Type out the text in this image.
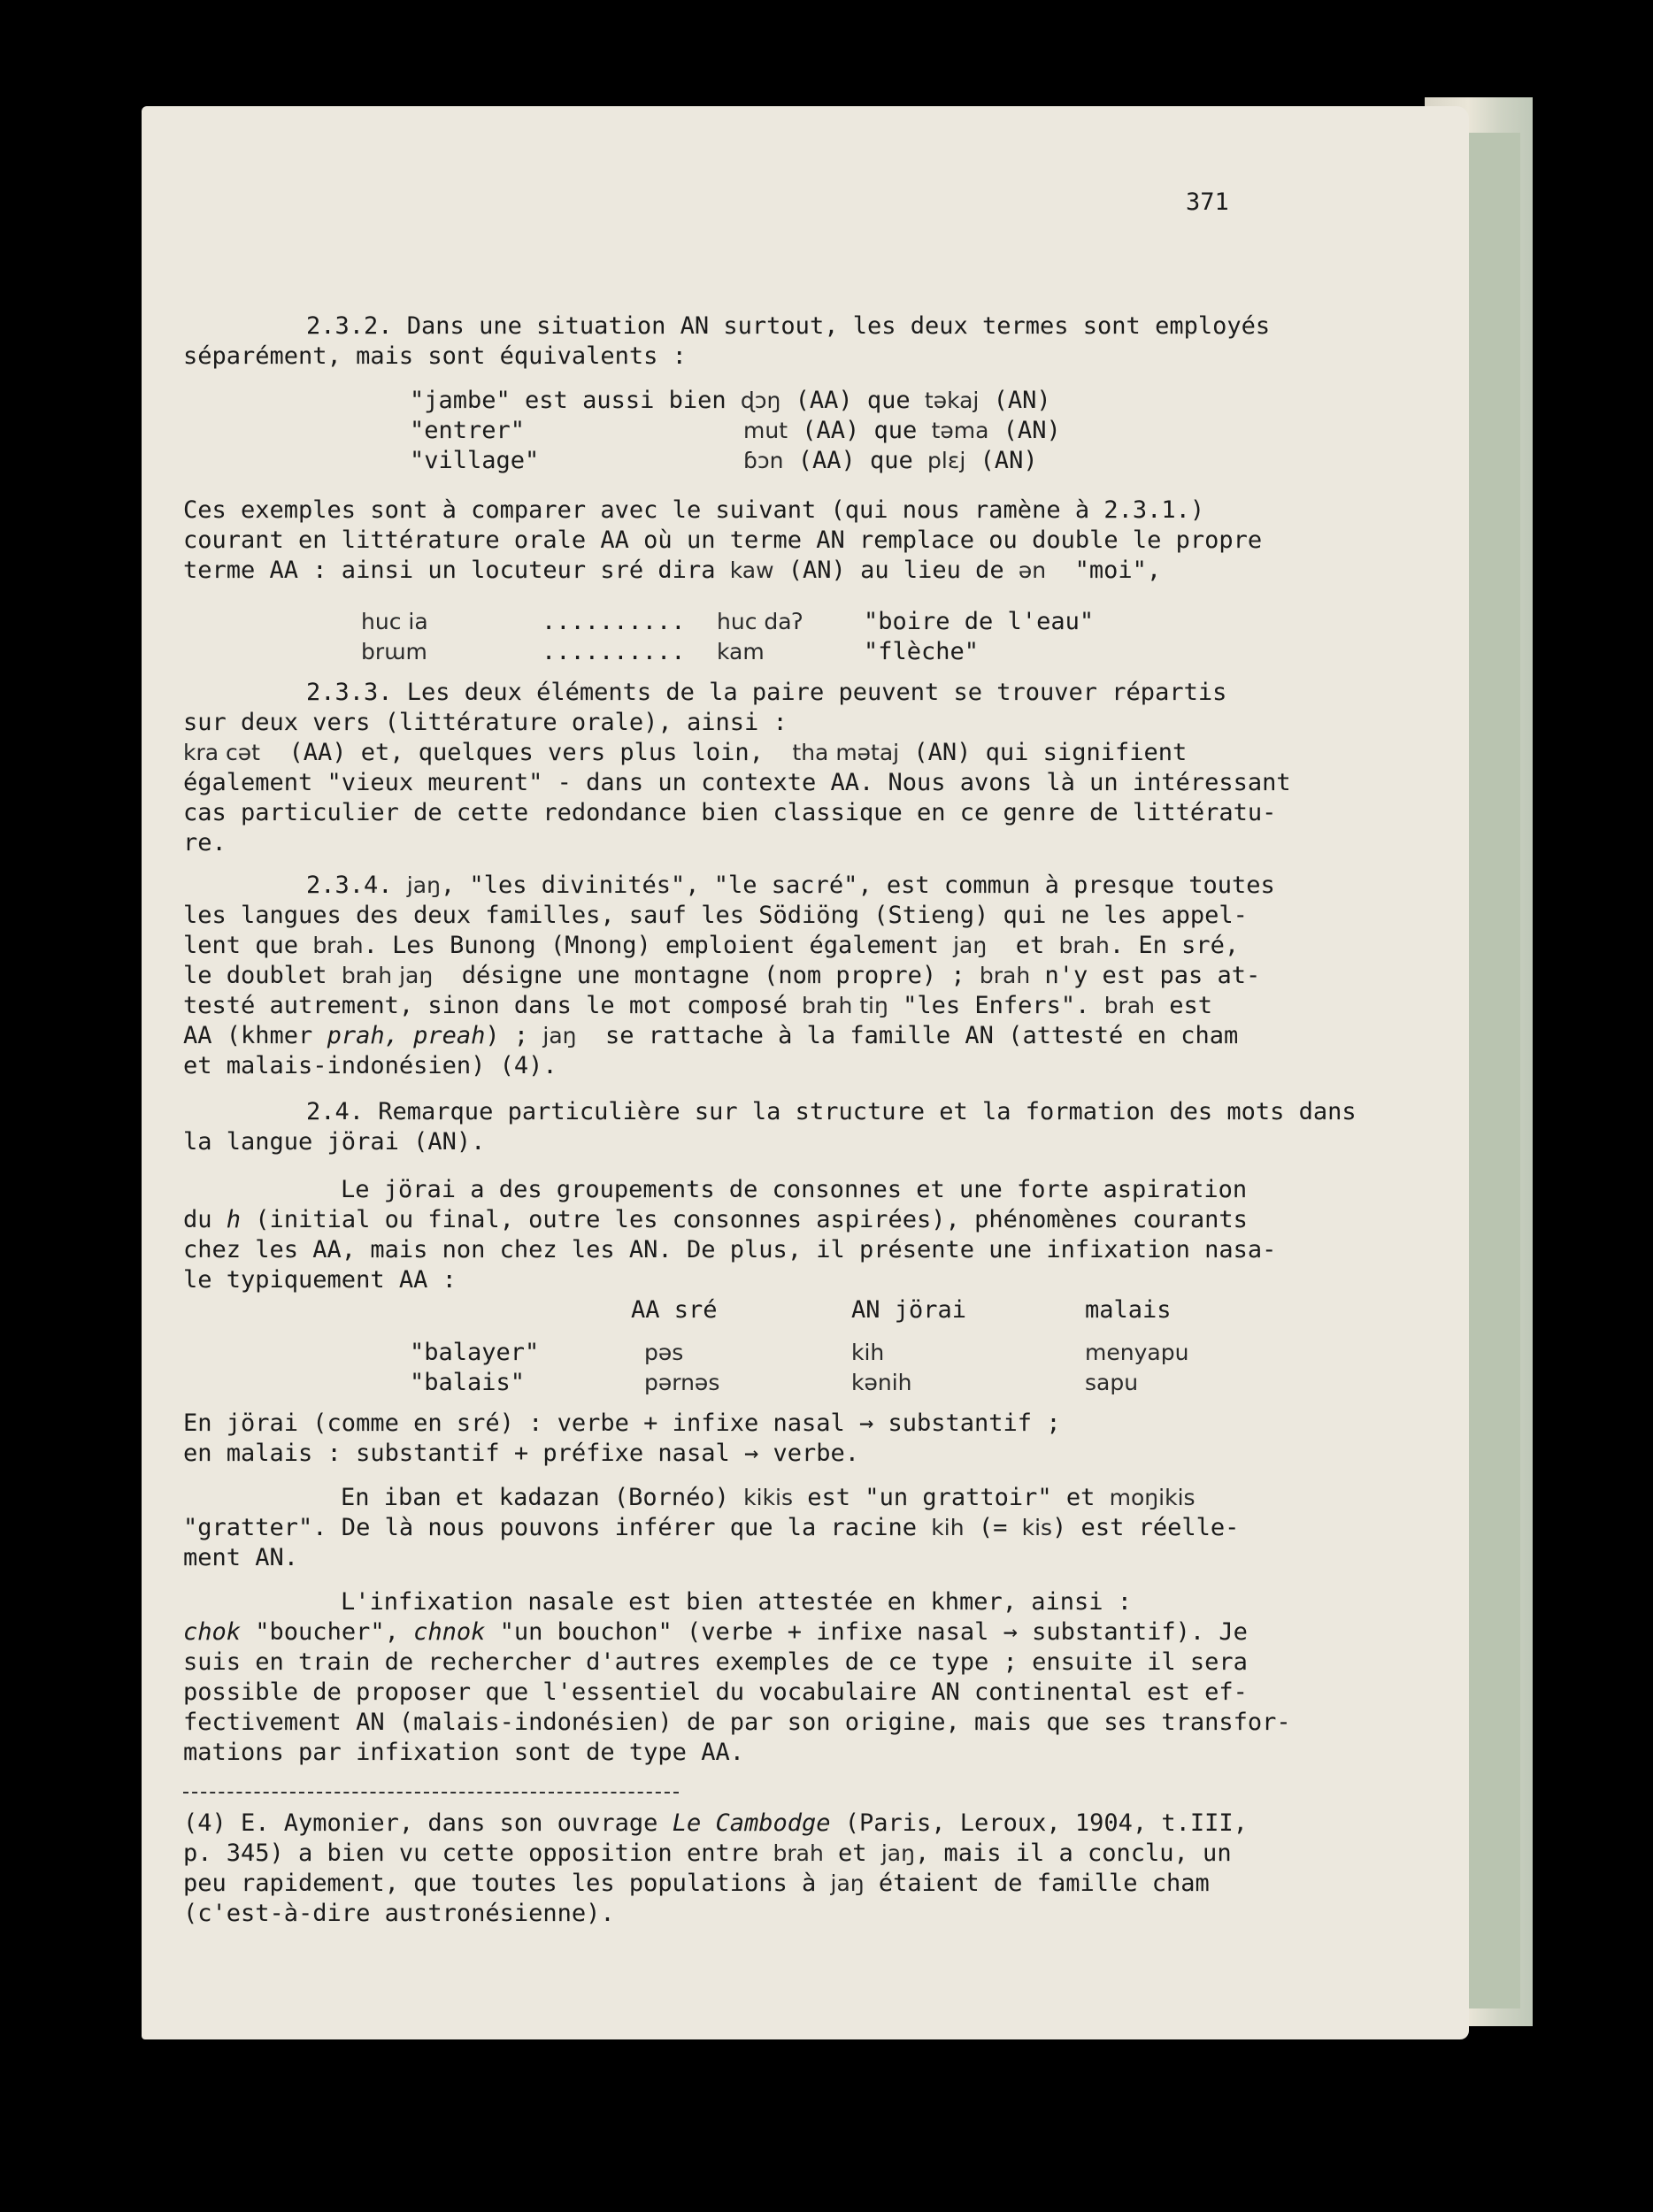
371
2.3.2. Dans une situation AN surtout, les deux termes sont employés
séparément, mais sont équivalents :
"jambe" est aussi bien ɖɔŋ (AA) que təkaj (AN)
"entrer"	mut (AA) que təma (AN)
"village"	ɓɔn (AA) que plɛj (AN)
Ces exemples sont à comparer avec le suivant (qui nous ramène à 2.3.1.)
courant en littérature orale AA où un terme AN remplace ou double le propre
terme AA : ainsi un locuteur sré dira kaw (AN) au lieu de ən  "moi",
huc ia	.......... huc daʔ	"boire de l'eau"
brɯm	.......... kam	"flèche"
2.3.3. Les deux éléments de la paire peuvent se trouver répartis
sur deux vers (littérature orale), ainsi :
kra cət  (AA) et, quelques vers plus loin,  tha mətaj (AN) qui signifient
également "vieux meurent" - dans un contexte AA. Nous avons là un intéressant
cas particulier de cette redondance bien classique en ce genre de littératu-
re.
2.3.4. jaŋ, "les divinités", "le sacré", est commun à presque toutes
les langues des deux familles, sauf les Södiöng (Stieng) qui ne les appel-
lent que brah. Les Bunong (Mnong) emploient également jaŋ  et brah. En sré,
le doublet brah jaŋ  désigne une montagne (nom propre) ; brah n'y est pas at-
testé autrement, sinon dans le mot composé brah tiŋ "les Enfers". brah est
AA (khmer prah, preah) ; jaŋ  se rattache à la famille AN (attesté en cham
et malais-indonésien) (4).
2.4. Remarque particulière sur la structure et la formation des mots dans
la langue jörai (AN).
Le jörai a des groupements de consonnes et une forte aspiration
du h (initial ou final, outre les consonnes aspirées), phénomènes courants
chez les AA, mais non chez les AN. De plus, il présente une infixation nasa-
le typiquement AA :
AA sré	AN jörai	malais
"balayer"	pəs	kih	menyapu
"balais"	pərnəs	kənih	sapu
En jörai (comme en sré) : verbe + infixe nasal → substantif ;
en malais : substantif + préfixe nasal → verbe.
En iban et kadazan (Bornéo) kikis est "un grattoir" et moŋikis
"gratter". De là nous pouvons inférer que la racine kih (= kis) est réelle-
ment AN.
L'infixation nasale est bien attestée en khmer, ainsi :
chok "boucher", chnok "un bouchon" (verbe + infixe nasal → substantif). Je
suis en train de rechercher d'autres exemples de ce type ; ensuite il sera
possible de proposer que l'essentiel du vocabulaire AN continental est ef-
fectivement AN (malais-indonésien) de par son origine, mais que ses transfor-
mations par infixation sont de type AA.
(4) E. Aymonier, dans son ouvrage Le Cambodge (Paris, Leroux, 1904, t.III,
p. 345) a bien vu cette opposition entre brah et jaŋ, mais il a conclu, un
peu rapidement, que toutes les populations à jaŋ étaient de famille cham
(c'est-à-dire austronésienne).
